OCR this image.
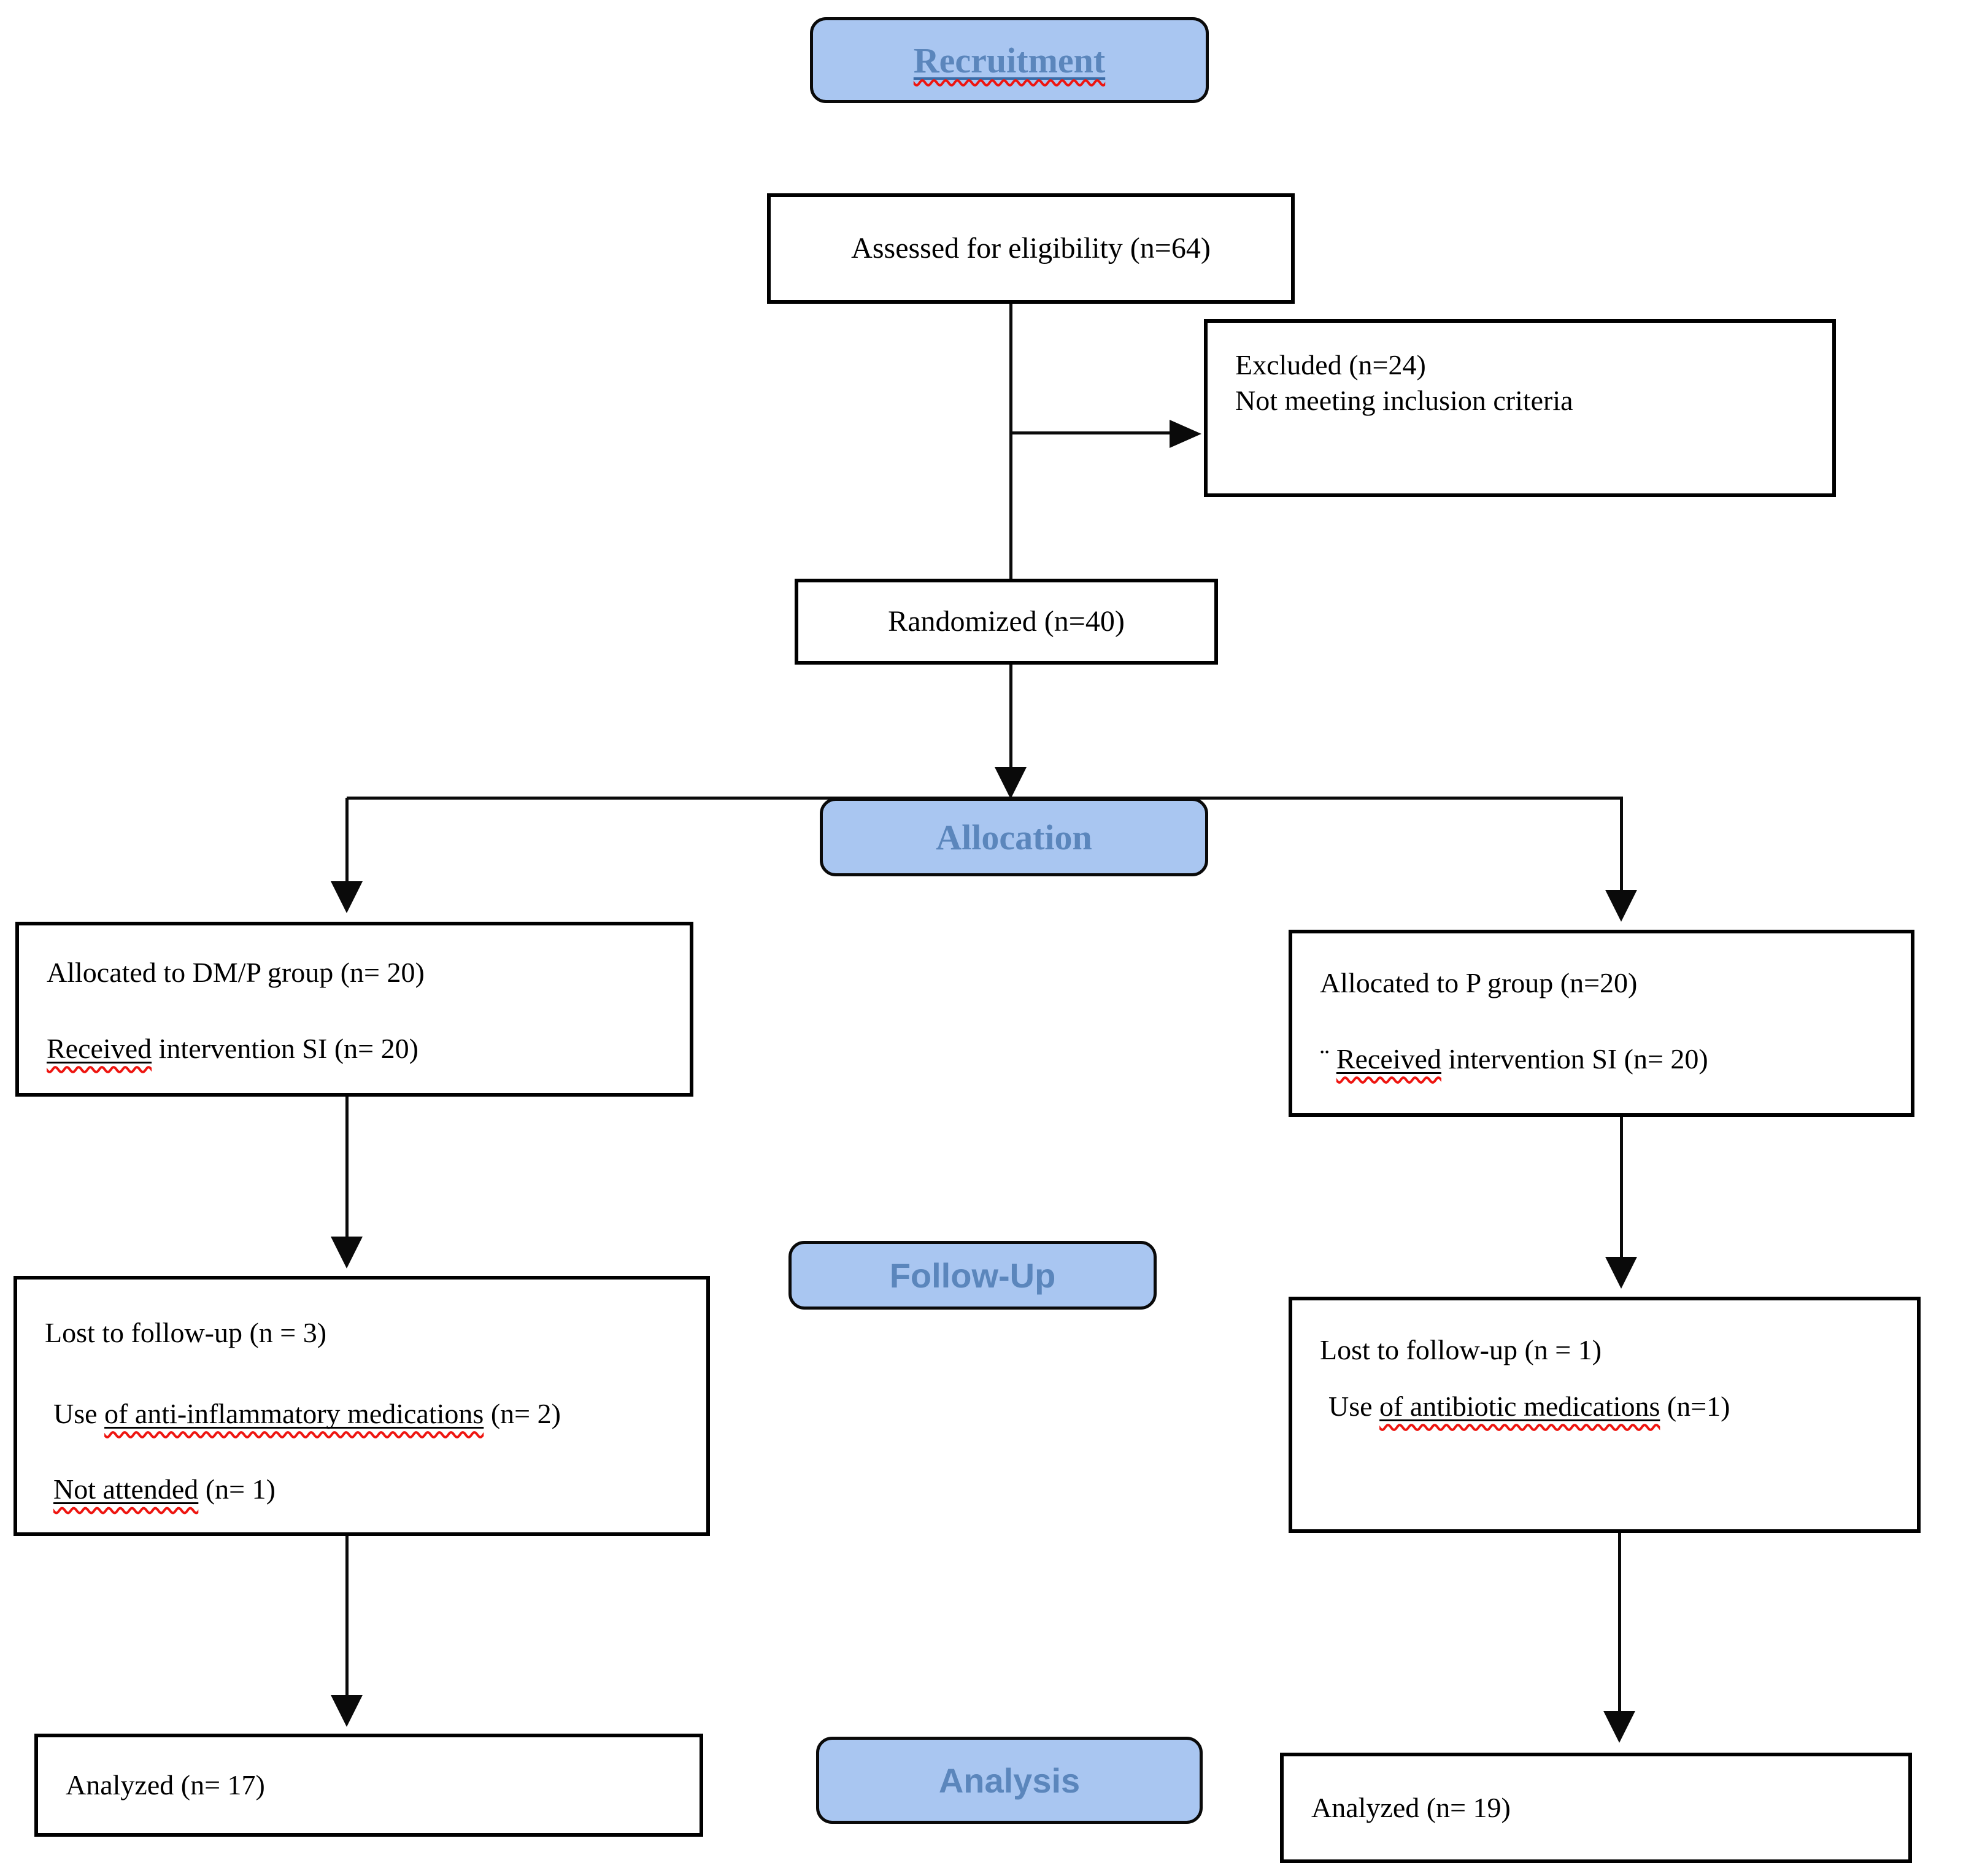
Recruitment
Allocation
Follow-Up
Analysis
Assessed for eligibility (n=64)
Excluded (n=24)
Not meeting inclusion criteria
Randomized (n=40)
Allocated to DM/P group (n= 20)
Received intervention SI (n= 20)
Allocated to P group (n=20)
¨ Received intervention SI (n= 20)
Lost to follow-up (n = 3)
Use of anti-inflammatory medications (n= 2)
Not attended (n= 1)
Lost to follow-up (n = 1)
Use of antibiotic medications (n=1)
Analyzed (n= 17)
Analyzed (n= 19)
